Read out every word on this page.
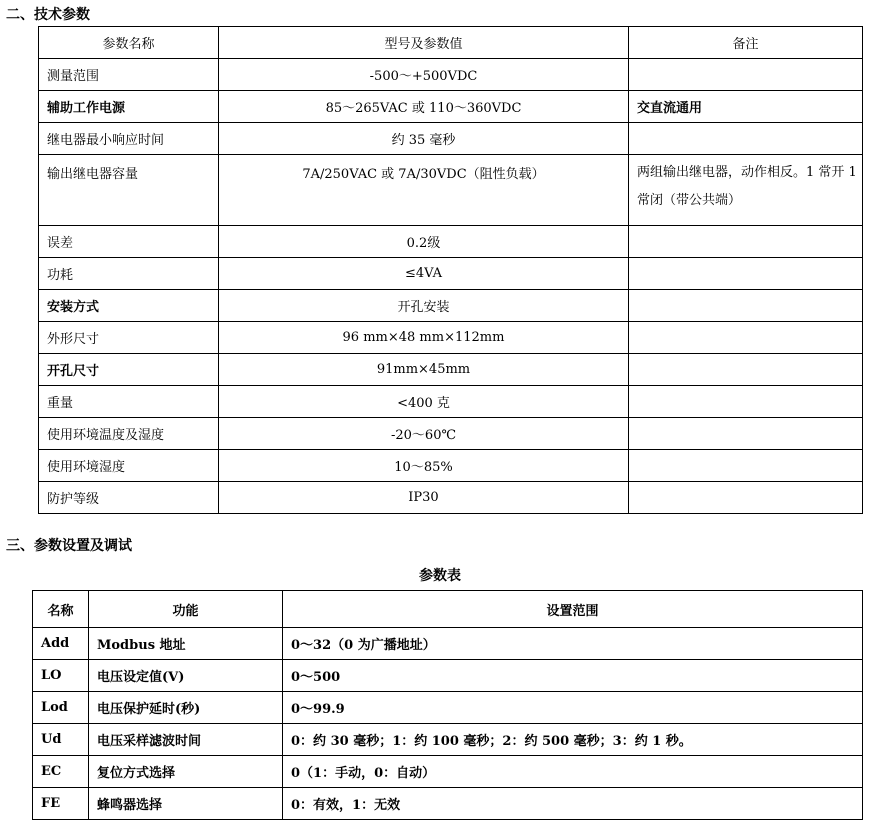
二、技术参数
参数名称	型号及参数值	备注
测量范围	-500～+500VDC	
辅助工作电源	85～265VAC 或 110～360VDC	交直流通用
继电器最小响应时间	约 35 毫秒	
输出继电器容量	7A/250VAC 或 7A/30VDC（阻性负载）	两组输出继电器，动作相反。1 常开 1 常闭（带公共端）
误差	0.2级	
功耗	≤4VA	
安装方式	开孔安装	
外形尺寸	96 mm×48 mm×112mm	
开孔尺寸	91mm×45mm	
重量	<400 克	
使用环境温度及湿度	-20～60℃	
使用环境湿度	10～85%	
防护等级	IP30	
三、参数设置及调试
参数表
名称	功能	设置范围
Add	Modbus 地址	0～32（0 为广播地址）
LO	电压设定值(V)	0～500
Lod	电压保护延时(秒)	0～99.9
Ud	电压采样滤波时间	0：约 30 毫秒；1：约 100 毫秒；2：约 500 毫秒；3：约 1 秒。
EC	复位方式选择	0（1：手动，0：自动）
FE	蜂鸣器选择	0：有效，1：无效
